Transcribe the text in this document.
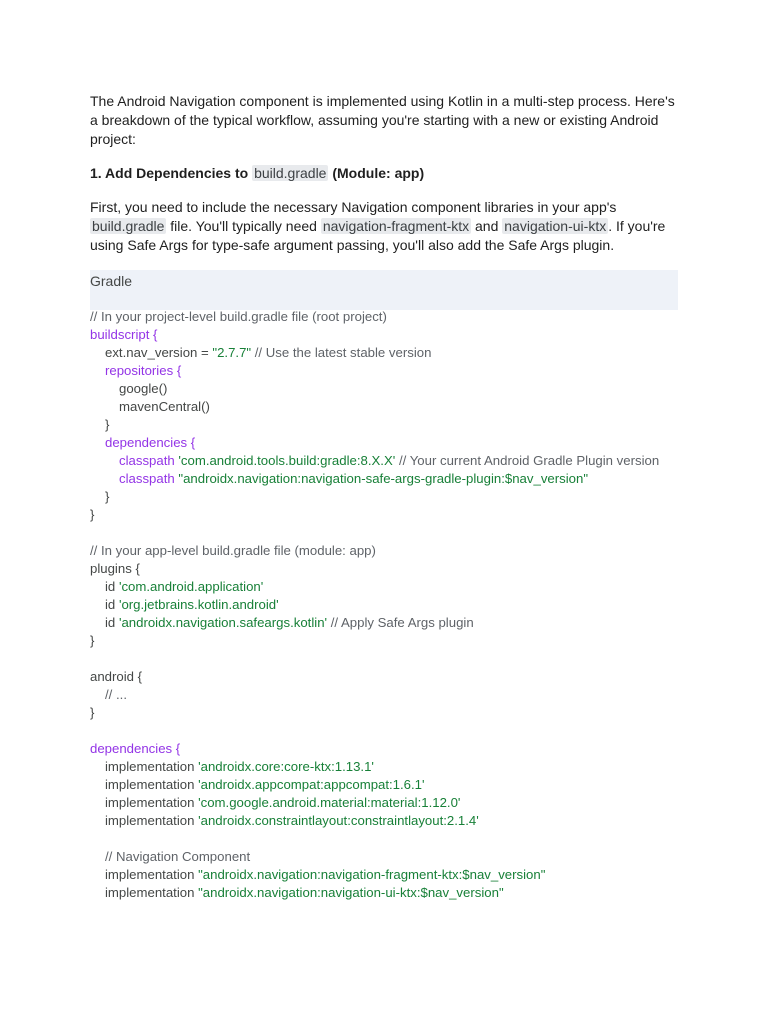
The Android Navigation component is implemented using Kotlin in a multi-step process. Here's a breakdown of the typical workflow, assuming you're starting with a new or existing Android project:

1. Add Dependencies to build.gradle (Module: app)

First, you need to include the necessary Navigation component libraries in your app's build.gradle file. You'll typically need navigation-fragment-ktx and navigation-ui-ktx . If you're using Safe Args for type-safe argument passing, you'll also add the Safe Args plugin.

Gradle
// In your project-level build.gradle file (root project)
buildscript {
ext.nav_version = "2.7.7" // Use the latest stable version
repositories {
google()
mavenCentral()
}
dependencies {
classpath 'com.android.tools.build:gradle:8.X.X' // Your current Android Gradle Plugin version
classpath "androidx.navigation:navigation-safe-args-gradle-plugin:$nav_version"
}
}
// In your app-level build.gradle file (module: app)
plugins {
id 'com.android.application'
id 'org.jetbrains.kotlin.android'
id 'androidx.navigation.safeargs.kotlin' // Apply Safe Args plugin
}
android {
// ...
}
dependencies {
implementation 'androidx.core:core-ktx:1.13.1'
implementation 'androidx.appcompat:appcompat:1.6.1'
implementation 'com.google.android.material:material:1.12.0'
implementation 'androidx.constraintlayout:constraintlayout:2.1.4'
// Navigation Component
implementation "androidx.navigation:navigation-fragment-ktx:$nav_version"
implementation "androidx.navigation:navigation-ui-ktx:$nav_version"
